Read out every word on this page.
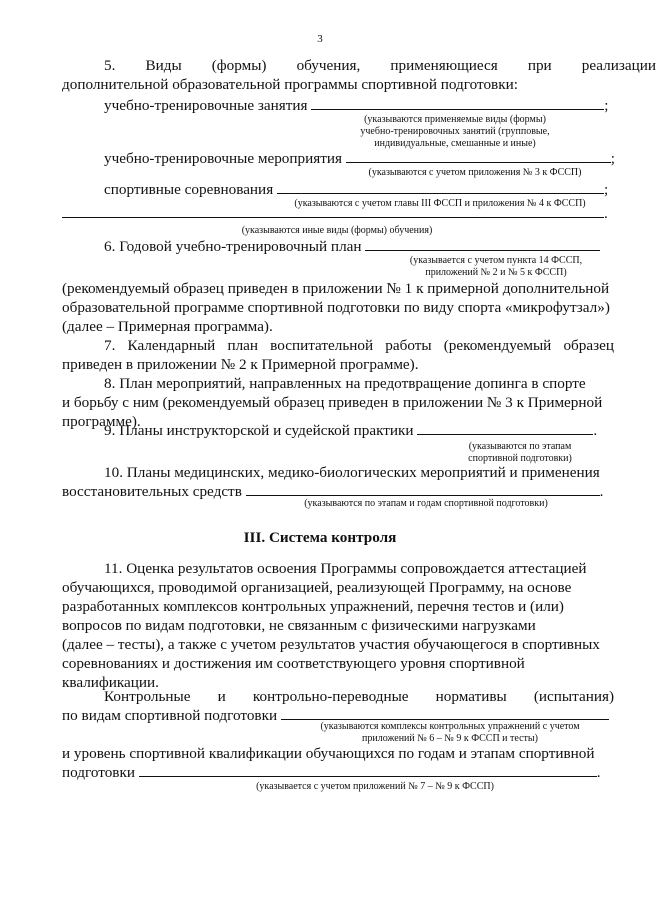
3
5. Виды (формы) обучения, применяющиеся при реализации
дополнительной образовательной программы спортивной подготовки:
учебно-тренировочные занятия	;
(указываются применяемые виды (формы)
учебно-тренировочных занятий (групповые,
индивидуальные, смешанные и иные)
учебно-тренировочные мероприятия	;
(указываются с учетом приложения № 3 к ФССП)
спортивные соревнования	;
(указываются с учетом главы III ФССП и приложения № 4 к ФССП)
.
(указываются иные виды (формы) обучения)
6. Годовой учебно-тренировочный план
(указывается с учетом пункта 14 ФССП,
приложений № 2 и № 5 к ФССП)
(рекомендуемый образец приведен в приложении № 1 к примерной дополнительной
образовательной программе спортивной подготовки по виду спорта «микрофутзал»)
(далее – Примерная программа).
7. Календарный план воспитательной работы (рекомендуемый образец
приведен в приложении № 2 к Примерной программе).
8. План мероприятий, направленных на предотвращение допинга в спорте
и борьбу с ним (рекомендуемый образец приведен в приложении № 3 к Примерной
программе).
9. Планы инструкторской и судейской практики	.
(указываются по этапам
спортивной подготовки)
10. Планы медицинских, медико-биологических мероприятий и применения
восстановительных средств	.
(указываются по этапам и годам спортивной подготовки)
III. Система контроля
11. Оценка результатов освоения Программы сопровождается аттестацией
обучающихся, проводимой организацией, реализующей Программу, на основе
разработанных комплексов контрольных упражнений, перечня тестов и (или)
вопросов по видам подготовки, не связанным с физическими нагрузками
(далее – тесты), а также с учетом результатов участия обучающегося в спортивных
соревнованиях и достижения им соответствующего уровня спортивной
квалификации.
Контрольные и контрольно-переводные нормативы (испытания)
по видам спортивной подготовки
(указываются комплексы контрольных упражнений с учетом
приложений № 6 – № 9 к ФССП и тесты)
и уровень спортивной квалификации обучающихся по годам и этапам спортивной
подготовки	.
(указывается с учетом приложений № 7 – № 9 к ФССП)
